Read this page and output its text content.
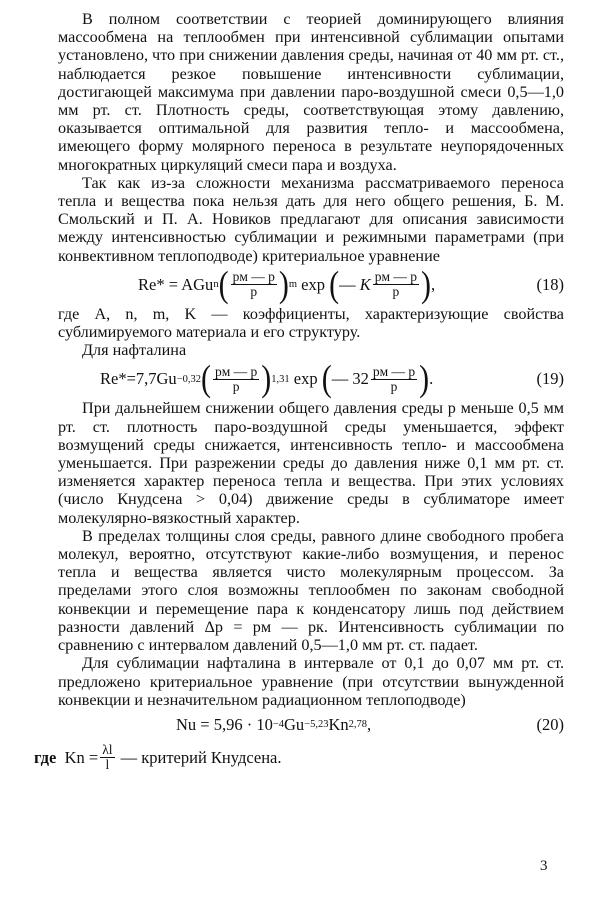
В полном соответствии с теорией доминирующего влияния массообмена на теплообмен при интенсивной сублимации опытами установлено, что при снижении давления среды, начиная от 40 мм рт. ст., наблюдается резкое повышение интенсивности сублимации, достигающей максимума при давлении паро-воздушной смеси 0,5—1,0 мм рт. ст. Плотность среды, соответствующая этому давлению, оказывается оптимальной для развития тепло- и массообмена, имеющего форму молярного переноса в результате неупорядоченных многократных циркуляций смеси пара и воздуха.

Так как из-за сложности механизма рассматриваемого переноса тепла и вещества пока нельзя дать для него общего решения, Б. М. Смольский и П. А. Новиков предлагают для описания зависимости между интенсивностью сублимации и режимными параметрами (при конвективном теплоподводе) критериальное уравнение

Re* = AGu n ( $\frac{pм — p}{p}$ ) m
exp
( — K $\frac{pм — p}{p}$ ) ,	(18)

где A, n, m, K — коэффициенты, характеризующие свойства сублимируемого материала и его структуру.

Для нафталина

Re*=7,7Gu −0,32 ( $\frac{pм — p}{p}$ ) 1,31
exp
( — $32 \frac{pм — p}{p}$ ) .	(19)

При дальнейшем снижении общего давления среды p меньше 0,5 мм рт. ст. плотность паро-воздушной среды уменьшается, эффект возмущений среды снижается, интенсивность тепло- и массообмена уменьшается. При разрежении среды до давления ниже 0,1 мм рт. ст. изменяется характер переноса тепла и вещества. При этих условиях (число Кнудсена > 0,04) движение среды в сублиматоре имеет молекулярно-вязкостный характер.

В пределах толщины слоя среды, равного длине свободного пробега молекул, вероятно, отсутствуют какие-либо возмущения, и перенос тепла и вещества является чисто молекулярным процессом. За пределами этого слоя возможны теплообмен по законам свободной конвекции и перемещение пара к конденсатору лишь под действием разности давлений Δp = pм — pк. Интенсивность сублимации по сравнению с интервалом давлений 0,5—1,0 мм рт. ст. падает.

Для сублимации нафталина в интервале от 0,1 до 0,07 мм рт. ст. предложено критериальное уравнение (при отсутствии вынужденной конвекции и незначительном радиационном теплоподводе)

Nu = 5,96 · 10 −4 Gu −5,23 Kn 2,78 ,	(20)
где
$Kn = \frac{\lambda l}{l}$
— критерий Кнудсена.
3
